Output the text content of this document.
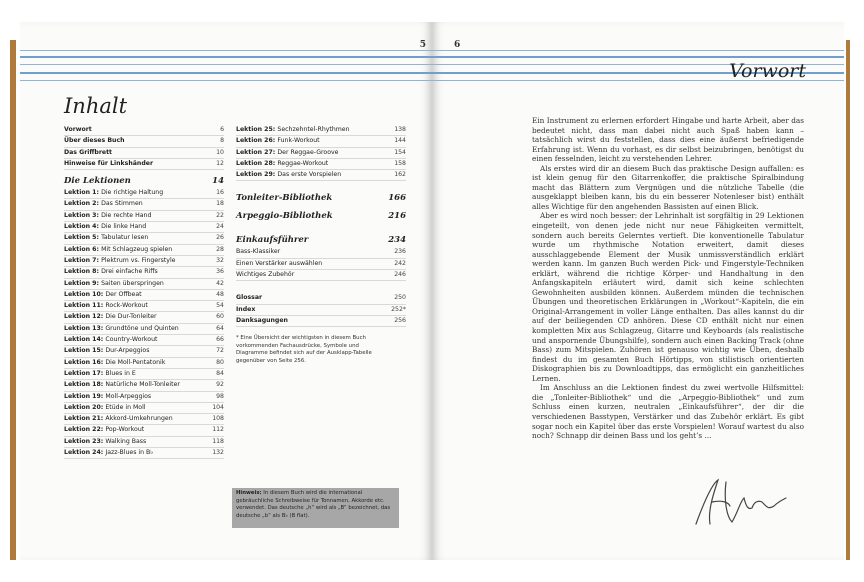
5
Inhalt
Vorwort	6
Über dieses Buch	8
Das Griffbrett	10
Hinweise für Linkshänder	12
Die Lektionen	14
Lektion 1: Die richtige Haltung	16
Lektion 2: Das Stimmen	18
Lektion 3: Die rechte Hand	22
Lektion 4: Die linke Hand	24
Lektion 5: Tabulatur lesen	26
Lektion 6: Mit Schlagzeug spielen	28
Lektion 7: Plektrum vs. Fingerstyle	32
Lektion 8: Drei einfache Riffs	36
Lektion 9: Saiten überspringen	42
Lektion 10: Der Offbeat	48
Lektion 11: Rock-Workout	54
Lektion 12: Die Dur-Tonleiter	60
Lektion 13: Grundtöne und Quinten	64
Lektion 14: Country-Workout	66
Lektion 15: Dur-Arpeggios	72
Lektion 16: Die Moll-Pentatonik	80
Lektion 17: Blues in E	84
Lektion 18: Natürliche Moll-Tonleiter	92
Lektion 19: Moll-Arpeggios	98
Lektion 20: Etüde in Moll	104
Lektion 21: Akkord-Umkehrungen	108
Lektion 22: Pop-Workout	112
Lektion 23: Walking Bass	118
Lektion 24: Jazz-Blues in B♭	132
Lektion 25: Sechzehntel-Rhythmen	138
Lektion 26: Funk-Workout	144
Lektion 27: Der Reggae-Groove	154
Lektion 28: Reggae-Workout	158
Lektion 29: Das erste Vorspielen	162
Tonleiter-Bibliothek	166
Arpeggio-Bibliothek	216
Einkaufsführer	234
Bass-Klassiker	236
Einen Verstärker auswählen	242
Wichtiges Zubehör	246
Glossar	250
Index	252*
Danksagungen	256
* Eine Übersicht der wichtigsten in diesem Buch vorkommenden Fachausdrücke, Symbole und Diagramme befindet sich auf der Ausklapp-Tabelle gegenüber von Seite 256.
Hinweis: In diesem Buch wird die international gebräuchliche Schreibweise für Tonnamen, Akkorde etc. verwendet. Das deutsche „h“ wird als „B“ bezeichnet, das deutsche „b“ als B♭ (B flat).
6
Vorwort

Ein Instrument zu erlernen erfordert Hingabe und harte Arbeit, aber das bedeutet nicht, dass man dabei nicht auch Spaß haben kann – tatsächlich wirst du feststellen, dass dies eine äußerst befriedigende Erfahrung ist. Wenn du vorhast, es dir selbst beizubringen, benötigst du einen fesselnden, leicht zu verstehenden Lehrer.

Als erstes wird dir an diesem Buch das praktische Design auffallen: es ist klein genug für den Gitarrenkoffer, die praktische Spiralbindung macht das Blättern zum Vergnügen und die nützliche Tabelle (die ausgeklappt bleiben kann, bis du ein besserer Notenleser bist) enthält alles Wichtige für den angehenden Bassisten auf einen Blick.

Aber es wird noch besser: der Lehrinhalt ist sorgfältig in 29 Lektionen eingeteilt, von denen jede nicht nur neue Fähigkeiten vermittelt, sondern auch bereits Gelerntes vertieft. Die konventionelle Tabulatur wurde um rhythmische Notation erweitert, damit dieses ausschlaggebende Element der Musik unmissverständlich erklärt werden kann. Im ganzen Buch werden Pick- und Fingerstyle-Techniken erklärt, während die richtige Körper- und Handhaltung in den Anfangskapiteln erläutert wird, damit sich keine schlechten Gewohnheiten ausbilden können. Außerdem münden die technischen Übungen und theoretischen Erklärungen in „Workout“-Kapiteln, die ein Original-Arrangement in voller Länge enthalten. Das alles kannst du dir auf der beiliegenden CD anhören. Diese CD enthält nicht nur einen kompletten Mix aus Schlagzeug, Gitarre und Keyboards (als realistische und anspornende Übungshilfe), sondern auch einen Backing Track (ohne Bass) zum Mitspielen. Zuhören ist genauso wichtig wie Üben, deshalb findest du im gesamten Buch Hörtipps, von stilistisch orientierten Diskographien bis zu Downloadtipps, das ermöglicht ein ganzheitliches Lernen.

Im Anschluss an die Lektionen findest du zwei wertvolle Hilfsmittel: die „Tonleiter-Bibliothek“ und die „Arpeggio-Bibliothek“ und zum Schluss einen kurzen, neutralen „Einkaufsführer“, der dir die verschiedenen Basstypen, Verstärker und das Zubehör erklärt. Es gibt sogar noch ein Kapitel über das erste Vorspielen! Worauf wartest du also noch? Schnapp dir deinen Bass und los geht’s ...
